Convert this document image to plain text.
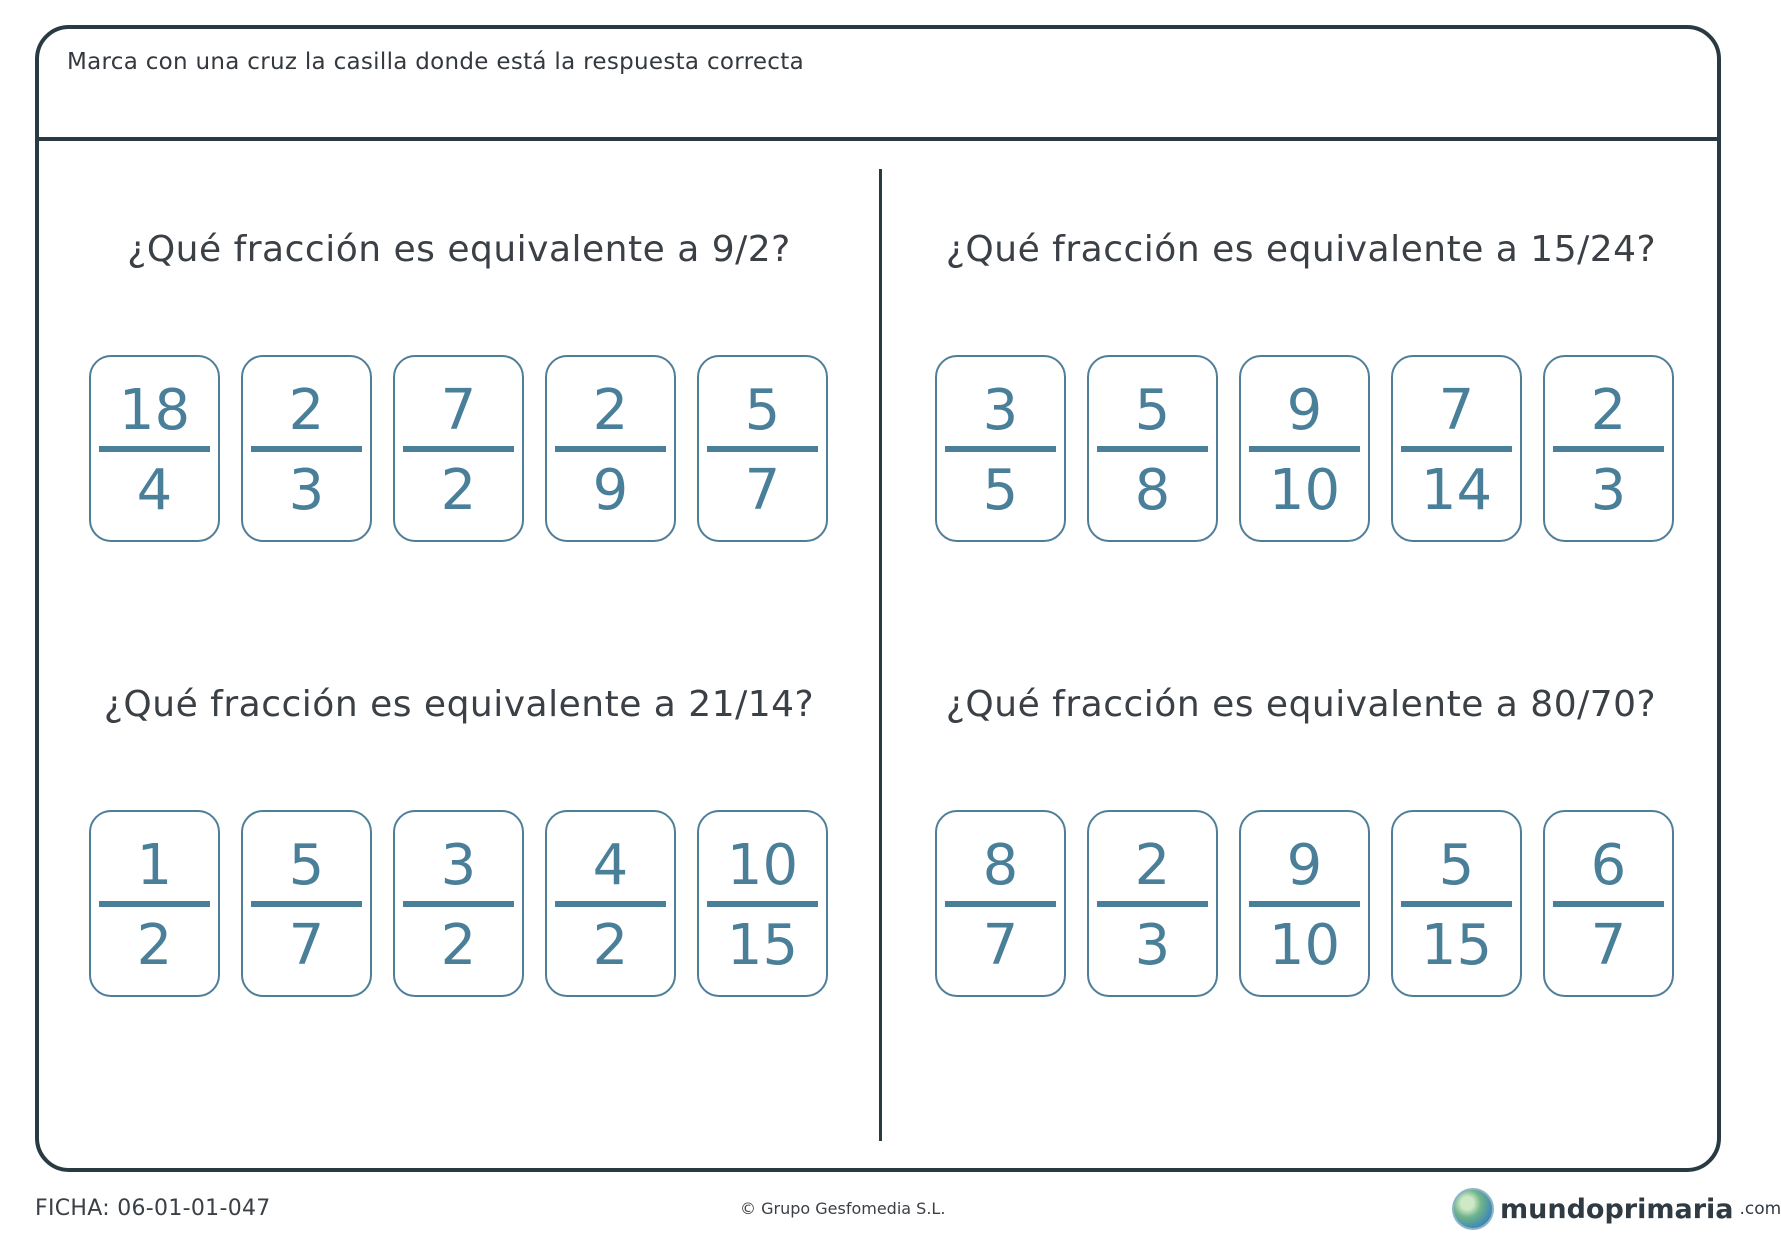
Marca con una cruz la casilla donde está la respuesta correcta
¿Qué fracción es equivalente a 9/2?
18
4
2
3
7
2
2
9
5
7
¿Qué fracción es equivalente a 15/24?
3
5
5
8
9
10
7
14
2
3
¿Qué fracción es equivalente a 21/14?
1
2
5
7
3
2
4
2
10
15
¿Qué fracción es equivalente a 80/70?
8
7
2
3
9
10
5
15
6
7
FICHA: 06-01-01-047	© Grupo Gesfomedia S.L.	mundoprimaria .com
